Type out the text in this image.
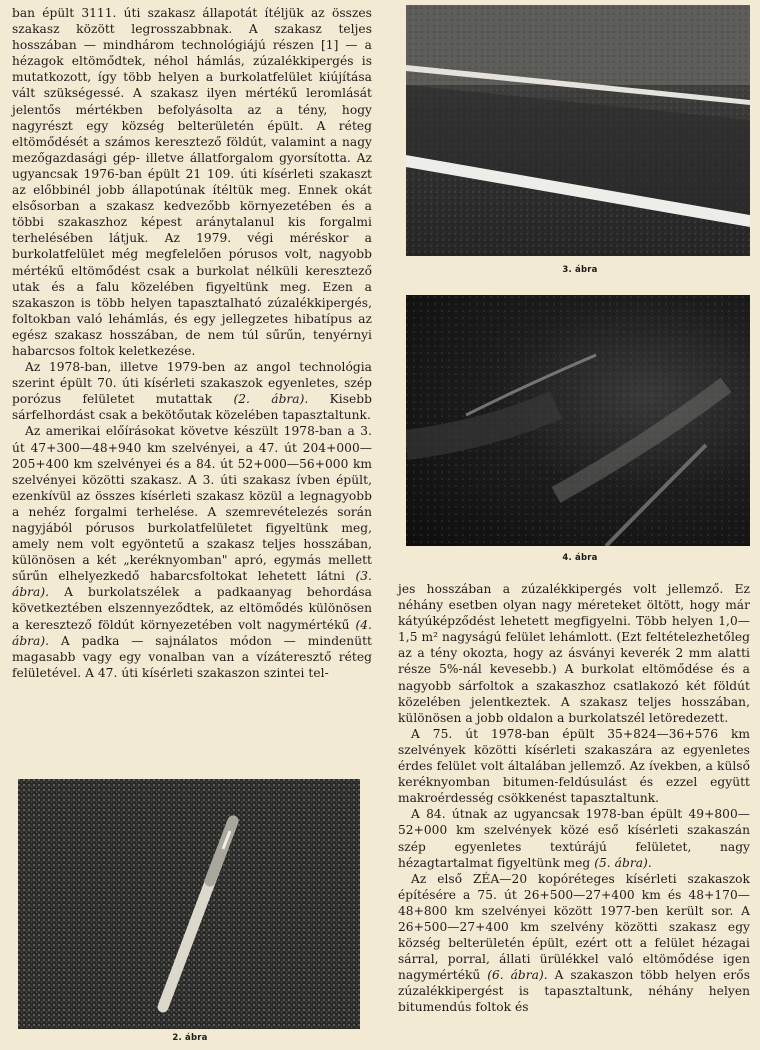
ban épült 3111. úti szakasz állapotát ítéljük az összes szakasz között legrosszabbnak. A szakasz teljes hosszában — mindhárom technológiájú részen [1] — a hézagok eltömődtek, néhol hámlás, zúzalékkipergés is mutatkozott, így több helyen a burkolatfelület kiújítása vált szükségessé. A szakasz ilyen mértékű leromlását jelentős mértékben befolyásolta az a tény, hogy nagyrészt egy község belterületén épült. A réteg eltömődését a számos keresztező földút, valamint a nagy mezőgazdasági gép- illetve állatforgalom gyorsította. Az ugyancsak 1976-ban épült 21 109. úti kísérleti szakaszt az előbbinél jobb állapotúnak ítéltük meg. Ennek okát elsősorban a szakasz kedvezőbb környezetében és a többi szakaszhoz képest aránytalanul kis forgalmi terhelésében látjuk. Az 1979. végi méréskor a burkolatfelület még megfelelően pórusos volt, nagyobb mértékű eltömődést csak a burkolat nélküli keresztező utak és a falu közelében figyeltünk meg. Ezen a szakaszon is több helyen tapasztalható zúzalékkipergés, foltokban való lehámlás, és egy jellegzetes hibatípus az egész szakasz hosszában, de nem túl sűrűn, tenyérnyi habarcsos foltok keletkezése.

Az 1978-ban, illetve 1979-ben az angol technológia szerint épült 70. úti kísérleti szakaszok egyenletes, szép porózus felületet mutattak (2. ábra). Kisebb sárfelhordást csak a bekötőutak közelében tapasztaltunk.

Az amerikai előírásokat követve készült 1978-ban a 3. út 47+300—48+940 km szelvényei, a 47. út 204+000—205+400 km szelvényei és a 84. út 52+000—56+000 km szelvényei közötti szakasz. A 3. úti szakasz ívben épült, ezenkívül az összes kísérleti szakasz közül a legnagyobb a nehéz forgalmi terhelése. A szemrevételezés során nagyjából pórusos burkolatfelületet figyeltünk meg, amely nem volt egyöntetű a szakasz teljes hosszában, különösen a két „keréknyomban" apró, egymás mellett sűrűn elhelyezkedő habarcsfoltokat lehetett látni (3. ábra). A burkolatszélek a padkaanyag behordása következtében elszennyeződtek, az eltömődés különösen a keresztező földút környezetében volt nagymértékű (4. ábra). A padka — sajnálatos módon — mindenütt magasabb vagy egy vonalban van a vízáteresztő réteg felületével. A 47. úti kísérleti szakaszon szintei tel-

3. ábra
4. ábra
2. ábra

jes hosszában a zúzalékkipergés volt jellemző. Ez néhány esetben olyan nagy méreteket öltött, hogy már kátyúképződést lehetett megfigyelni. Több helyen 1,0—1,5 m² nagyságú felület lehámlott. (Ezt feltételezhetőleg az a tény okozta, hogy az ásványi keverék 2 mm alatti része 5%-nál kevesebb.) A burkolat eltömődése és a nagyobb sárfoltok a szakaszhoz csatlakozó két földút közelében jelentkeztek. A szakasz teljes hosszában, különösen a jobb oldalon a burkolatszél letöredezett.

A 75. út 1978-ban épült 35+824—36+576 km szelvények közötti kísérleti szakaszára az egyenletes érdes felület volt általában jellemző. Az ívekben, a külső keréknyomban bitumen-feldúsulást és ezzel együtt makroérdesség csökkenést tapasztaltunk.

A 84. útnak az ugyancsak 1978-ban épült 49+800—52+000 km szelvények közé eső kísérleti szakaszán szép egyenletes textúrájú felületet, nagy hézagtartalmat figyeltünk meg (5. ábra).

Az első ZÉA—20 kopóréteges kísérleti szakaszok építésére a 75. út 26+500—27+400 km és 48+170—48+800 km szelvényei között 1977-ben került sor. A 26+500—27+400 km szelvény közötti szakasz egy község belterületén épült, ezért ott a felület hézagai sárral, porral, állati ürülékkel való eltömődése igen nagymértékű (6. ábra). A szakaszon több helyen erős zúzalékkipergést is tapasztaltunk, néhány helyen bitumendús foltok és
